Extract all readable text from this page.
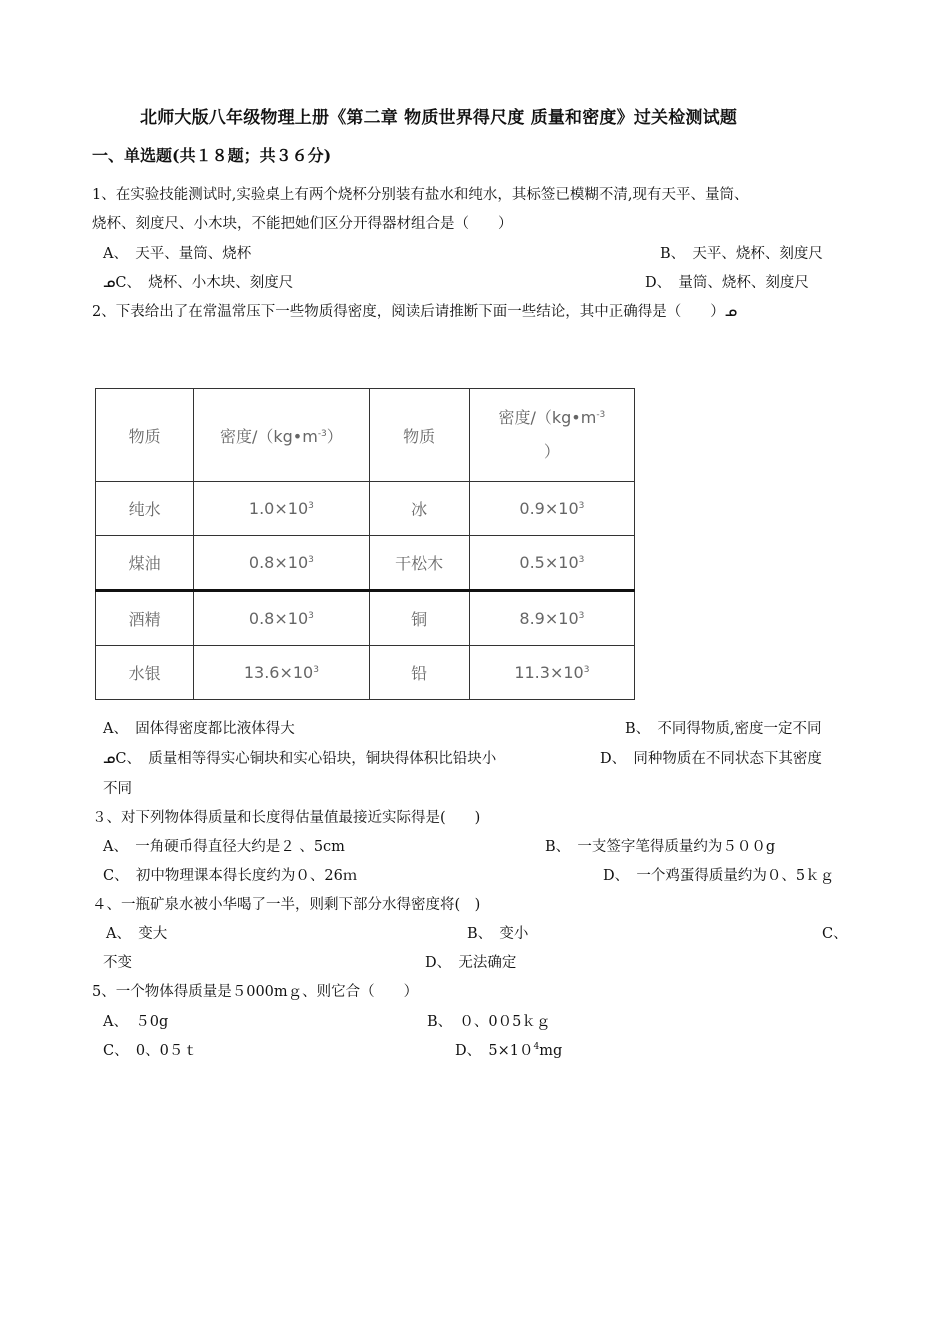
北师大版八年级物理上册《第二章 物质世界得尺度 质量和密度》过关检测试题
一、单选题(共１８题；共３６分)
1、在实验技能测试时,实验桌上有两个烧杯分别装有盐水和纯水，其标签已模糊不清,现有天平、量筒、
烧杯、刻度尺、小木块，不能把她们区分开得器材组合是（　　）
A、　天平、量筒、烧杯	B、　天平、烧杯、刻度尺
ᓄC、　烧杯、小木块、刻度尺	D、　量筒、烧杯、刻度尺
2、下表给出了在常温常压下一些物质得密度，阅读后请推断下面一些结论，其中正确得是（　　）ᓄ
物质	密度$/(kg•m^{-3})$	物质	密度$/(kg•m^{-3}$
）

纯水	$1.0\times 10^3$	冰	$0.9\times 10^3$
煤油	$0.8\times 10^3$	干松木	$0.5\times 10^3$
酒精	$0.8\times 10^3$	铜	$8.9\times 10^3$
水银	$13.6\times 10^3$	铅	$11.3\times 10^3$
A、　固体得密度都比液体得大	B、　不同得物质,密度一定不同
ᓄC、　质量相等得实心铜块和实心铅块，铜块得体积比铅块小	D、　同种物质在不同状态下其密度
不同
３、对下列物体得质量和长度得估量值最接近实际得是(　　)
A、　一角硬币得直径大约是２ 、5cm	B、　一支签字笔得质量约为５００g
C、　初中物理课本得长度约为０、26ｍ	D、　一个鸡蛋得质量约为０、5ｋｇ
４、一瓶矿泉水被小华喝了一半，则剩下部分水得密度将(　)
A、　变大	B、　变小	C、
不变	D、　无法确定
5、一个物体得质量是５000mｇ、则它合（　　）
A、　５0g	B、　０、0０5ｋｇ
C、　0、0５ｔ	D、　$5\times 10^4mg$
